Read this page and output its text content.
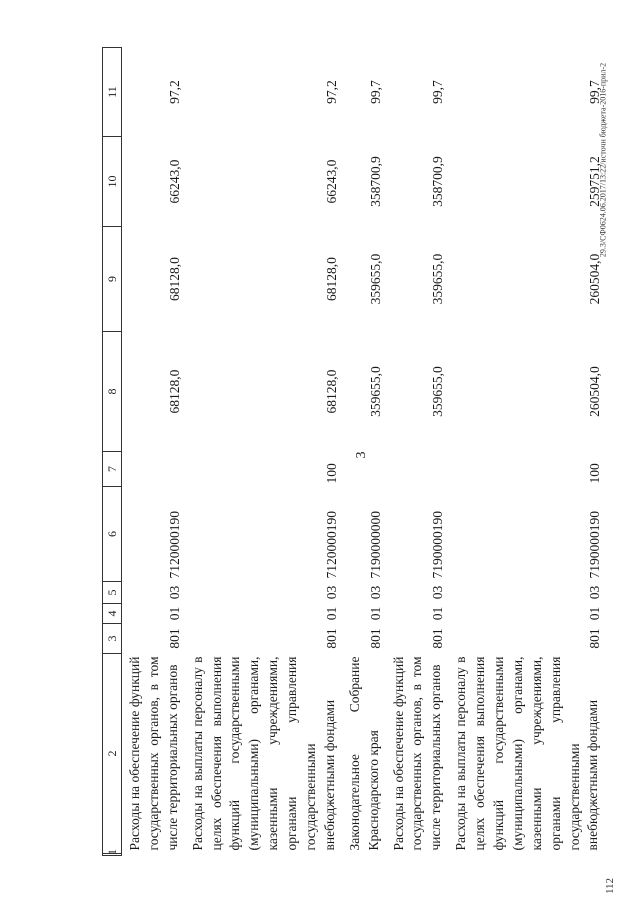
3
29.3/СФ0624.06.2017/13:22/источн бюджета-2016-прил-2
112
1	2	3	4	5	6	7	8	9	10	11
	Расходы на обеспечение функций государственных органов, в том числе территориальных органов	801	01	03	7120000190		68128,0	68128,0	66243,0	97,2
	Расходы на выплаты персоналу в целях обеспечения выполнения функций государственными (муниципальными) органами, казенными учреждениями, органами управления государственными внебюджетными фондами	801	01	03	7120000190	100	68128,0	68128,0	66243,0	97,2
	Законодательное Собрание Краснодарского края	801	01	03	7190000000		359655,0	359655,0	358700,9	99,7
	Расходы на обеспечение функций государственных органов, в том числе территориальных органов	801	01	03	7190000190		359655,0	359655,0	358700,9	99,7
	Расходы на выплаты персоналу в целях обеспечения выполнения функций государственными (муниципальными) органами, казенными учреждениями, органами управления государственными внебюджетными фондами	801	01	03	7190000190	100	260504,0	260504,0	259751,2	99,7
